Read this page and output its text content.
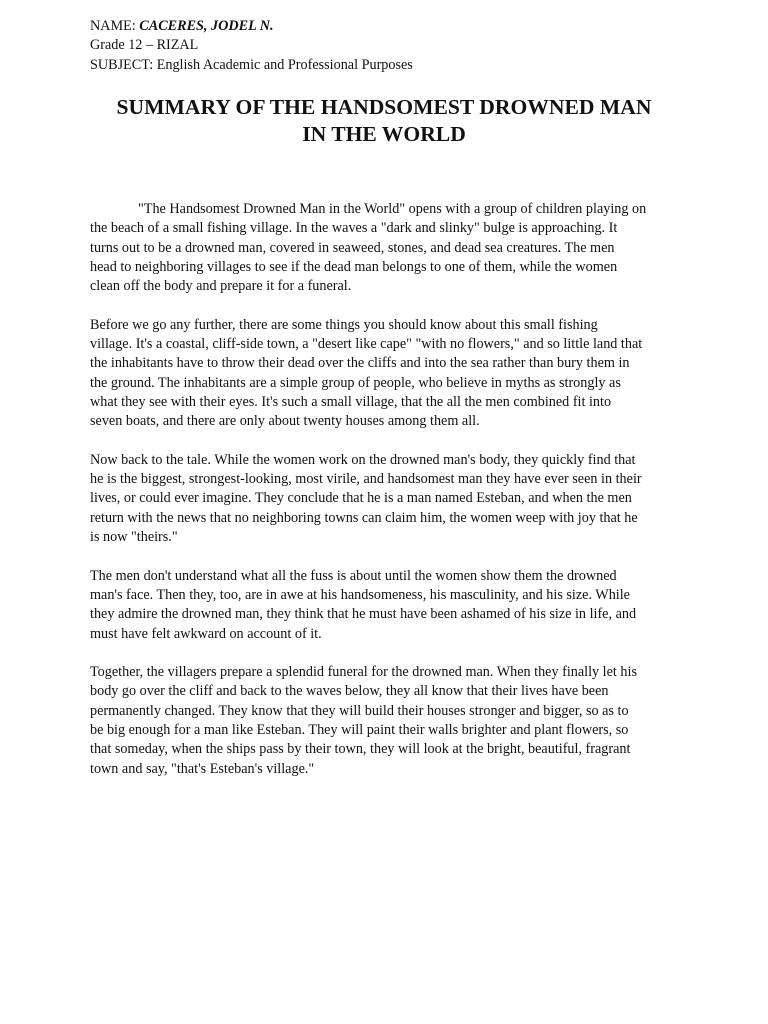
NAME: CACERES, JODEL N.
Grade 12 – RIZAL
SUBJECT: English Academic and Professional Purposes
SUMMARY OF THE HANDSOMEST DROWNED MAN
IN THE WORLD

"The Handsomest Drowned Man in the World" opens with a group of children playing on
the beach of a small fishing village. In the waves a "dark and slinky" bulge is approaching. It
turns out to be a drowned man, covered in seaweed, stones, and dead sea creatures. The men
head to neighboring villages to see if the dead man belongs to one of them, while the women
clean off the body and prepare it for a funeral.

Before we go any further, there are some things you should know about this small fishing
village. It's a coastal, cliff-side town, a "desert like cape" "with no flowers," and so little land that
the inhabitants have to throw their dead over the cliffs and into the sea rather than bury them in
the ground. The inhabitants are a simple group of people, who believe in myths as strongly as
what they see with their eyes. It's such a small village, that the all the men combined fit into
seven boats, and there are only about twenty houses among them all.

Now back to the tale. While the women work on the drowned man's body, they quickly find that
he is the biggest, strongest-looking, most virile, and handsomest man they have ever seen in their
lives, or could ever imagine. They conclude that he is a man named Esteban, and when the men
return with the news that no neighboring towns can claim him, the women weep with joy that he
is now "theirs."

The men don't understand what all the fuss is about until the women show them the drowned
man's face. Then they, too, are in awe at his handsomeness, his masculinity, and his size. While
they admire the drowned man, they think that he must have been ashamed of his size in life, and
must have felt awkward on account of it.

Together, the villagers prepare a splendid funeral for the drowned man. When they finally let his
body go over the cliff and back to the waves below, they all know that their lives have been
permanently changed. They know that they will build their houses stronger and bigger, so as to
be big enough for a man like Esteban. They will paint their walls brighter and plant flowers, so
that someday, when the ships pass by their town, they will look at the bright, beautiful, fragrant
town and say, "that's Esteban's village."
